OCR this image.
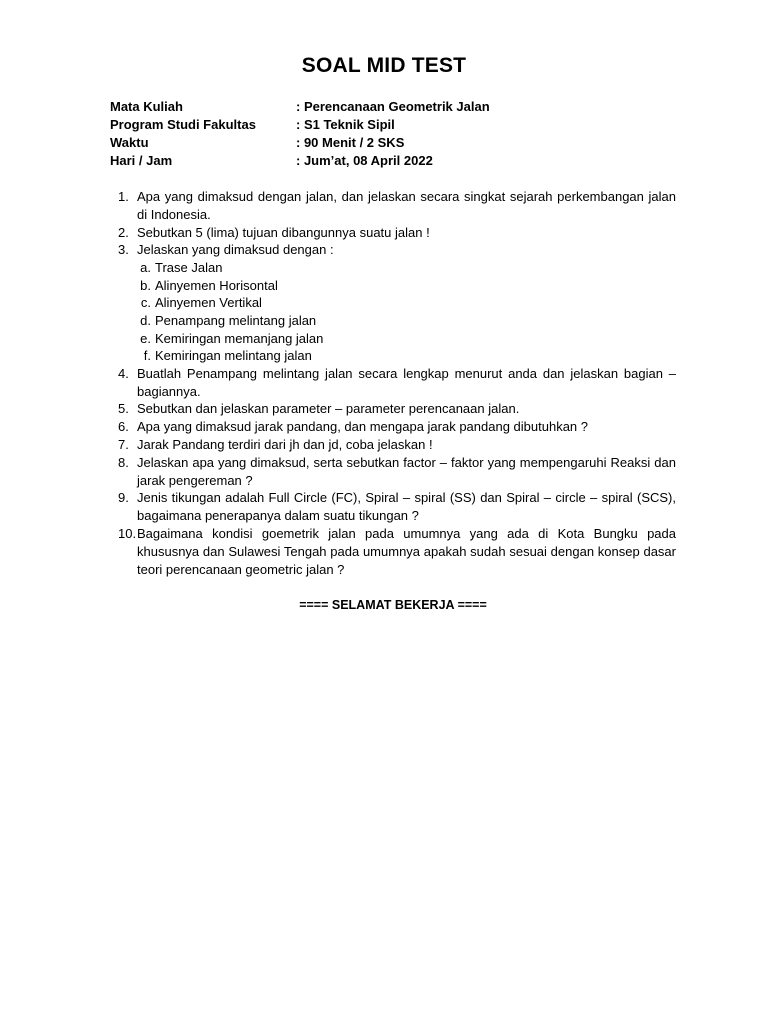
SOAL MID TEST
Mata Kuliah	: Perencanaan Geometrik Jalan
Program Studi Fakultas	: S1 Teknik Sipil
Waktu	: 90 Menit / 2 SKS
Hari / Jam	: Jum’at, 08 April 2022
1. Apa yang dimaksud dengan jalan, dan jelaskan secara singkat sejarah perkembangan jalan di Indonesia.
2. Sebutkan 5 (lima) tujuan dibangunnya suatu jalan !
3. Jelaskan yang dimaksud dengan :
a. Trase Jalan
b. Alinyemen Horisontal
c. Alinyemen Vertikal
d. Penampang melintang jalan
e. Kemiringan memanjang jalan
f. Kemiringan melintang jalan
4. Buatlah Penampang melintang jalan secara lengkap menurut anda dan jelaskan bagian – bagiannya.
5. Sebutkan dan jelaskan parameter – parameter perencanaan jalan.
6. Apa yang dimaksud jarak pandang, dan mengapa jarak pandang dibutuhkan ?
7. Jarak Pandang terdiri dari jh dan jd, coba jelaskan !
8. Jelaskan apa yang dimaksud, serta sebutkan factor – faktor yang mempengaruhi Reaksi dan jarak pengereman ?
9. Jenis tikungan adalah Full Circle (FC), Spiral – spiral (SS) dan Spiral – circle – spiral (SCS), bagaimana penerapanya dalam suatu tikungan ?
10. Bagaimana kondisi goemetrik jalan pada umumnya yang ada di Kota Bungku pada khususnya dan Sulawesi Tengah pada umumnya apakah sudah sesuai dengan konsep dasar teori perencanaan geometric jalan ?
==== SELAMAT BEKERJA ====
